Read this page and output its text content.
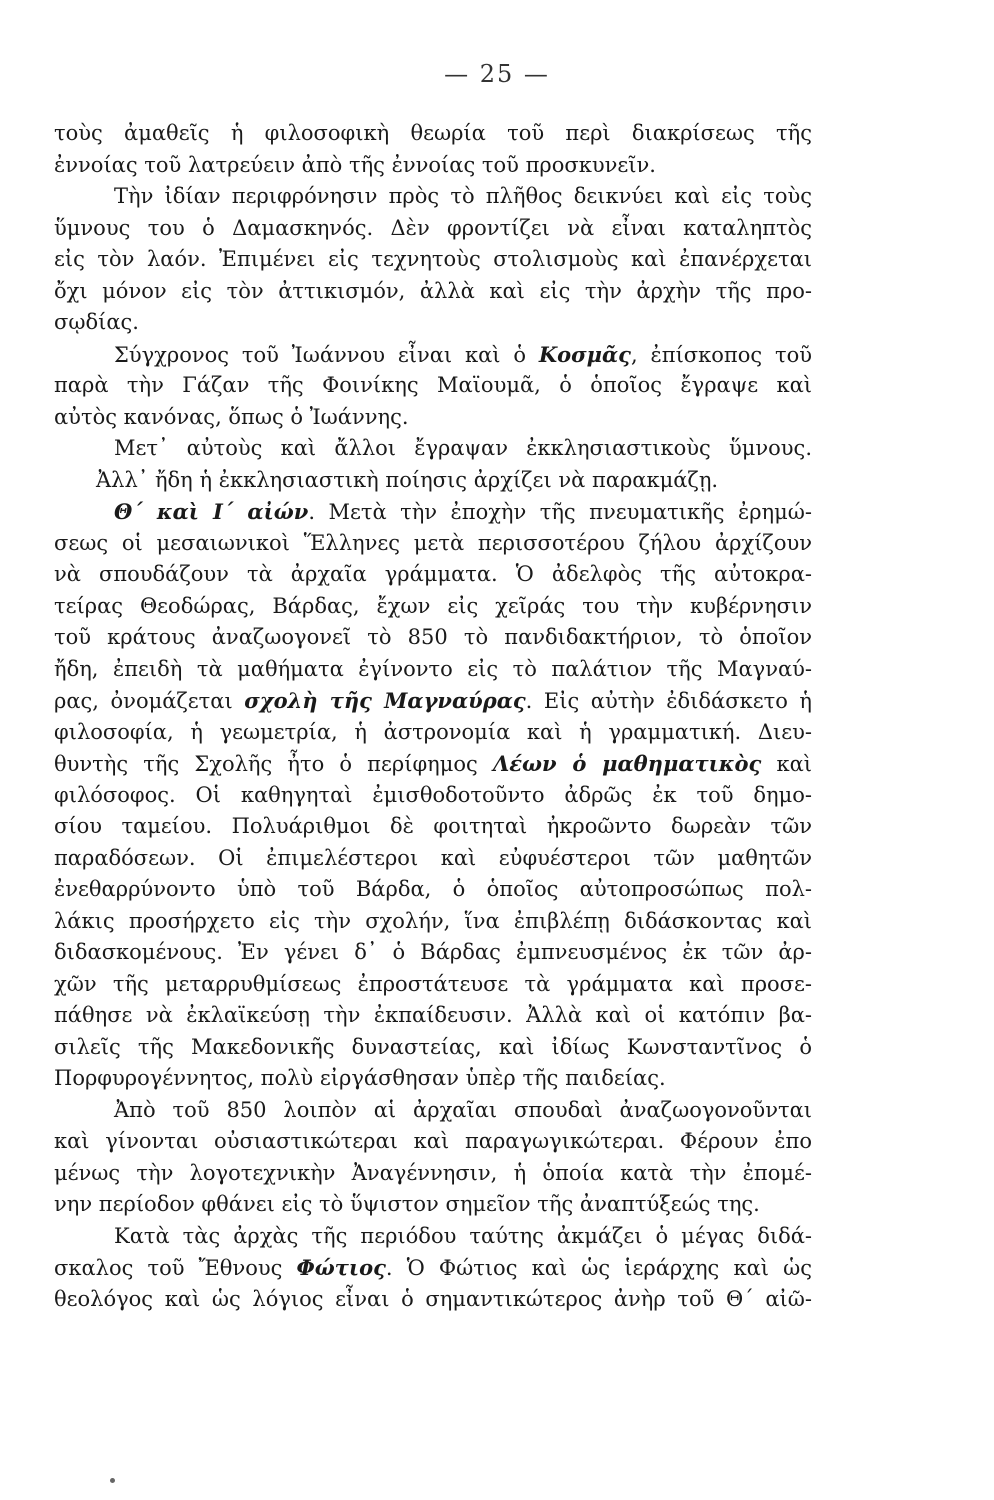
— 25 —
τοὺς ἀμαθεῖς ἡ φιλοσοφικὴ θεωρία τοῦ περὶ διακρίσεως τῆς
ἐννοίας τοῦ λατρεύειν ἀπὸ τῆς ἐννοίας τοῦ προσκυνεῖν.
Τὴν ἰδίαν περιφρόνησιν πρὸς τὸ πλῆθος δεικνύει καὶ εἰς τοὺς
ὕμνους του ὁ Δαμασκηνός. Δὲν φροντίζει νὰ εἶναι καταληπτὸς
εἰς τὸν λαόν. Ἐπιμένει εἰς τεχνητοὺς στολισμοὺς καὶ ἐπανέρχεται
ὄχι μόνον εἰς τὸν ἀττικισμόν, ἀλλὰ καὶ εἰς τὴν ἀρχὴν τῆς προ-
σῳδίας.
Σύγχρονος τοῦ Ἰωάννου εἶναι καὶ ὁ Κοσμᾶς, ἐπίσκοπος τοῦ
παρὰ τὴν Γάζαν τῆς Φοινίκης Μαϊουμᾶ, ὁ ὁποῖος ἔγραψε καὶ
αὐτὸς κανόνας, ὅπως ὁ Ἰωάννης.
Μετ᾽ αὐτοὺς καὶ ἄλλοι ἔγραψαν ἐκκλησιαστικοὺς ὕμνους.
Ἀλλ᾽ ἤδη ἡ ἐκκλησιαστικὴ ποίησις ἀρχίζει νὰ παρακμάζῃ.
Θ΄ καὶ Ι΄ αἰών. Μετὰ τὴν ἐποχὴν τῆς πνευματικῆς ἐρημώ-
σεως οἱ μεσαιωνικοὶ Ἕλληνες μετὰ περισσοτέρου ζήλου ἀρχίζουν
νὰ σπουδάζουν τὰ ἀρχαῖα γράμματα. Ὁ ἀδελφὸς τῆς αὐτοκρα-
τείρας Θεοδώρας, Βάρδας, ἔχων εἰς χεῖράς του τὴν κυβέρνησιν
τοῦ κράτους ἀναζωογονεῖ τὸ 850 τὸ πανδιδακτήριον, τὸ ὁποῖον
ἤδη, ἐπειδὴ τὰ μαθήματα ἐγίνοντο εἰς τὸ παλάτιον τῆς Μαγναύ-
ρας, ὀνομάζεται σχολὴ τῆς Μαγναύρας. Εἰς αὐτὴν ἐδιδάσκετο ἡ
φιλοσοφία, ἡ γεωμετρία, ἡ ἀστρονομία καὶ ἡ γραμματική. Διευ-
θυντὴς τῆς Σχολῆς ἦτο ὁ περίφημος Λέων ὁ μαθηματικὸς καὶ
φιλόσοφος. Οἱ καθηγηταὶ ἐμισθοδοτοῦντο ἀδρῶς ἐκ τοῦ δημο-
σίου ταμείου. Πολυάριθμοι δὲ φοιτηταὶ ἠκροῶντο δωρεὰν τῶν
παραδόσεων. Οἱ ἐπιμελέστεροι καὶ εὐφυέστεροι τῶν μαθητῶν
ἐνεθαρρύνοντο ὑπὸ τοῦ Βάρδα, ὁ ὁποῖος αὐτοπροσώπως πολ-
λάκις προσήρχετο εἰς τὴν σχολήν, ἵνα ἐπιβλέπῃ διδάσκοντας καὶ
διδασκομένους. Ἐν γένει δ᾽ ὁ Βάρδας ἐμπνευσμένος ἐκ τῶν ἀρ-
χῶν τῆς μεταρρυθμίσεως ἐπροστάτευσε τὰ γράμματα καὶ προσε-
πάθησε νὰ ἐκλαϊκεύσῃ τὴν ἐκπαίδευσιν. Ἀλλὰ καὶ οἱ κατόπιν βα-
σιλεῖς τῆς Μακεδονικῆς δυναστείας, καὶ ἰδίως Κωνσταντῖνος ὁ
Πορφυρογέννητος, πολὺ εἰργάσθησαν ὑπὲρ τῆς παιδείας.
Ἀπὸ τοῦ 850 λοιπὸν αἱ ἀρχαῖαι σπουδαὶ ἀναζωογονοῦνται
καὶ γίνονται οὐσιαστικώτεραι καὶ παραγωγικώτεραι. Φέρουν ἐπο
μένως τὴν λογοτεχνικὴν Ἀναγέννησιν, ἡ ὁποία κατὰ τὴν ἐπομέ-
νην περίοδον φθάνει εἰς τὸ ὕψιστον σημεῖον τῆς ἀναπτύξεώς της.
Κατὰ τὰς ἀρχὰς τῆς περιόδου ταύτης ἀκμάζει ὁ μέγας διδά-
σκαλος τοῦ Ἔθνους Φώτιος. Ὁ Φώτιος καὶ ὡς ἱεράρχης καὶ ὡς
θεολόγος καὶ ὡς λόγιος εἶναι ὁ σημαντικώτερος ἀνὴρ τοῦ Θ΄ αἰῶ-
